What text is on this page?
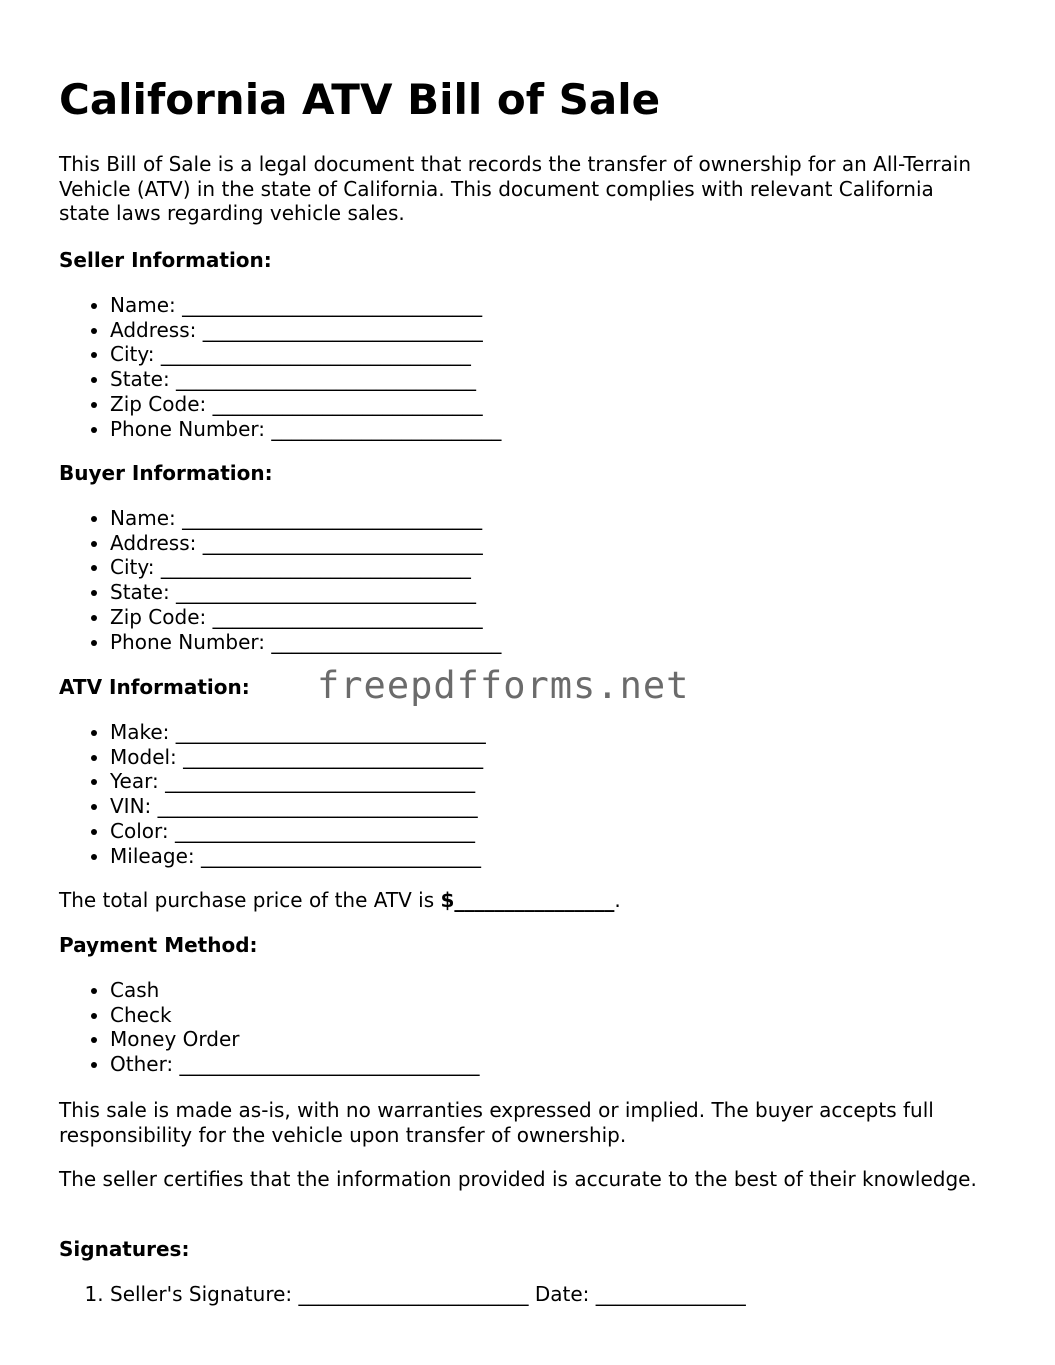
California ATV Bill of Sale

This Bill of Sale is a legal document that records the transfer of ownership for an All-Terrain Vehicle (ATV) in the state of California. This document complies with relevant California state laws regarding vehicle sales.

Seller Information:
• Name: ______________________________
• Address: ____________________________
• City: _______________________________
• State: ______________________________
• Zip Code: ___________________________
• Phone Number: _______________________
Buyer Information:
• Name: ______________________________
• Address: ____________________________
• City: _______________________________
• State: ______________________________
• Zip Code: ___________________________
• Phone Number: _______________________
ATV Information:
• Make: _______________________________
• Model: ______________________________
• Year: _______________________________
• VIN: ________________________________
• Color: ______________________________
• Mileage: ____________________________

The total purchase price of the ATV is $________________.

Payment Method:
• Cash
• Check
• Money Order
• Other: ______________________________

This sale is made as-is, with no warranties expressed or implied. The buyer accepts full responsibility for the vehicle upon transfer of ownership.

The seller certifies that the information provided is accurate to the best of their knowledge.

Signatures:
1. Seller's Signature: _______________________ Date: _______________
freepdfforms.net
